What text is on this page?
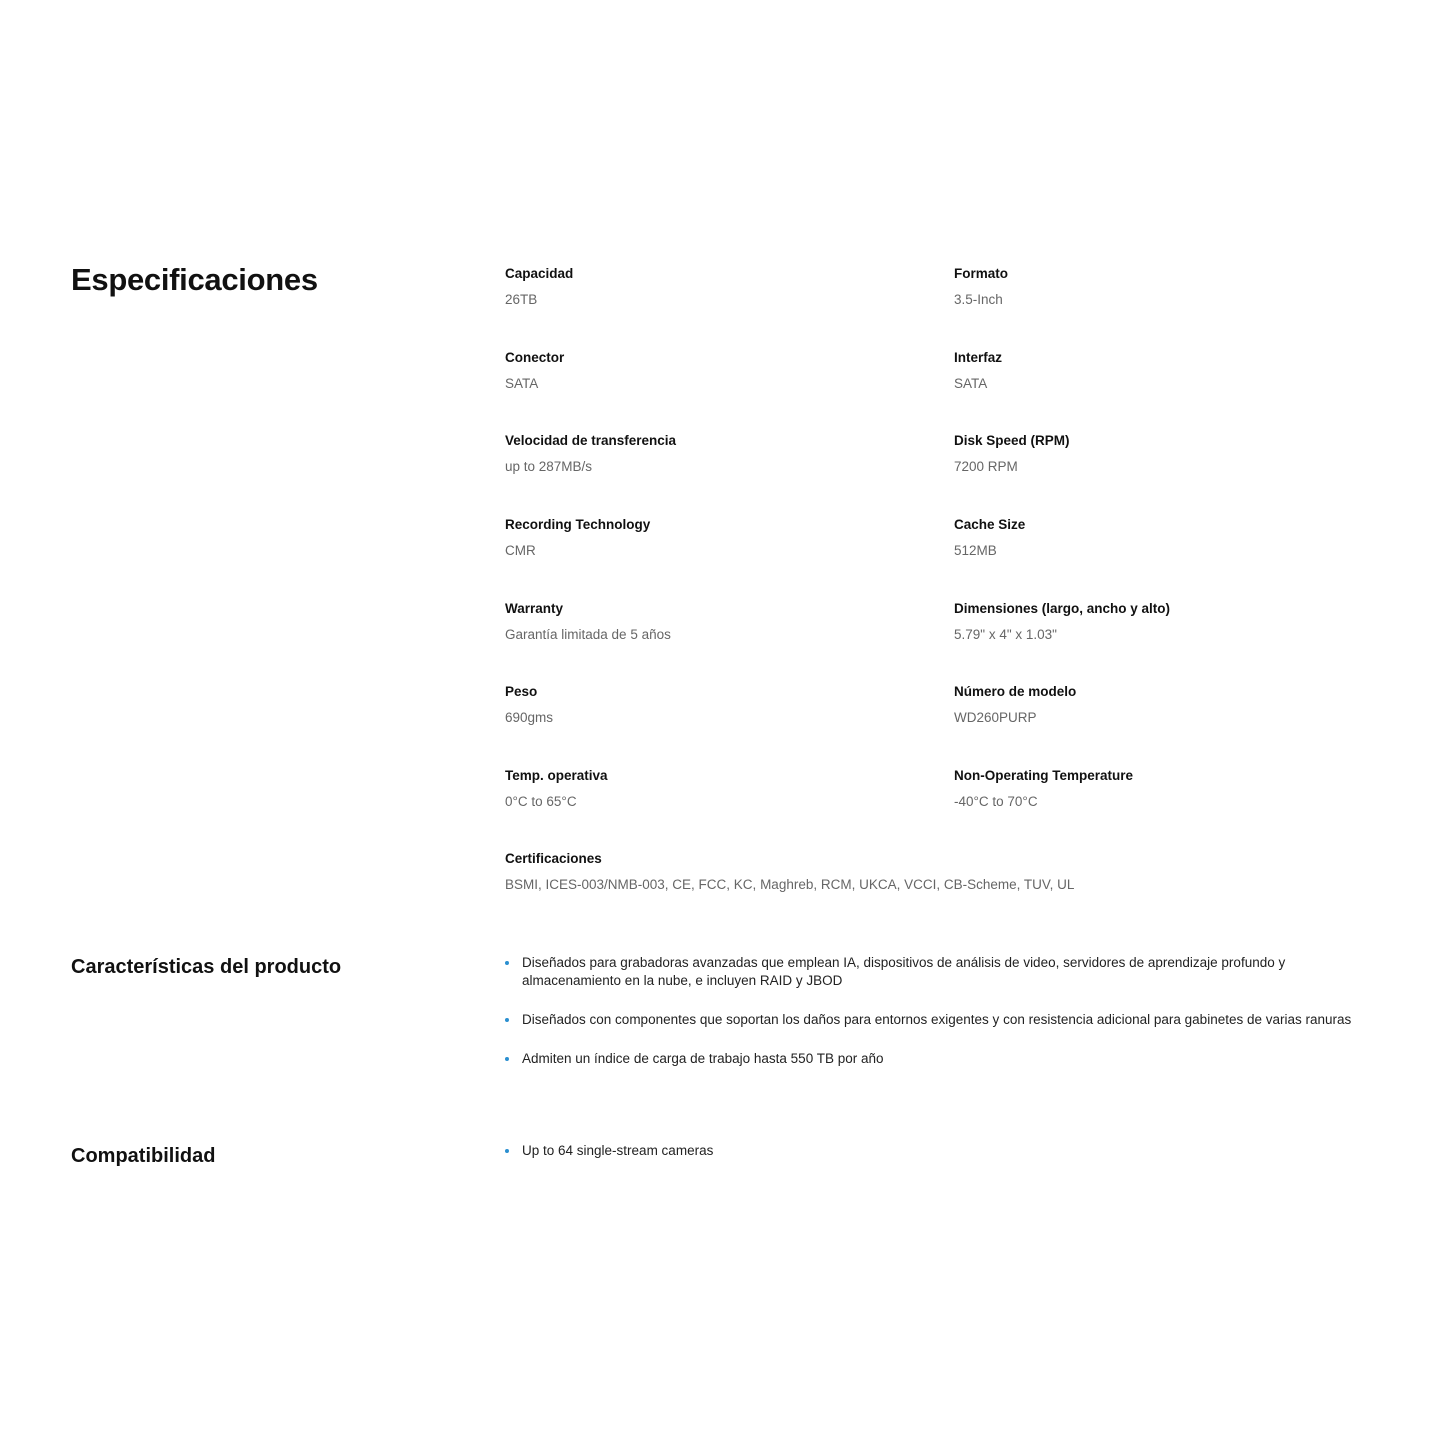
Especificaciones	Capacidad
26TB
Formato
3.5-Inch
Conector
SATA
Interfaz
SATA
Velocidad de transferencia
up to 287MB/s
Disk Speed (RPM)
7200 RPM
Recording Technology
CMR
Cache Size
512MB
Warranty
Garantía limitada de 5 años
Dimensiones (largo, ancho y alto)
5.79" x 4" x 1.03"
Peso
690gms
Número de modelo
WD260PURP
Temp. operativa
0°C to 65°C
Non-Operating Temperature
-40°C to 70°C
Certificaciones
BSMI, ICES-003/NMB-003, CE, FCC, KC, Maghreb, RCM, UKCA, VCCI, CB-Scheme, TUV, UL
Características del producto	Diseñados para grabadoras avanzadas que emplean IA, dispositivos de análisis de video, servidores de aprendizaje profundo y almacenamiento en la nube, e incluyen RAID y JBOD
Diseñados con componentes que soportan los daños para entornos exigentes y con resistencia adicional para gabinetes de varias ranuras
Admiten un índice de carga de trabajo hasta 550 TB por año
Compatibilidad	Up to 64 single-stream cameras
